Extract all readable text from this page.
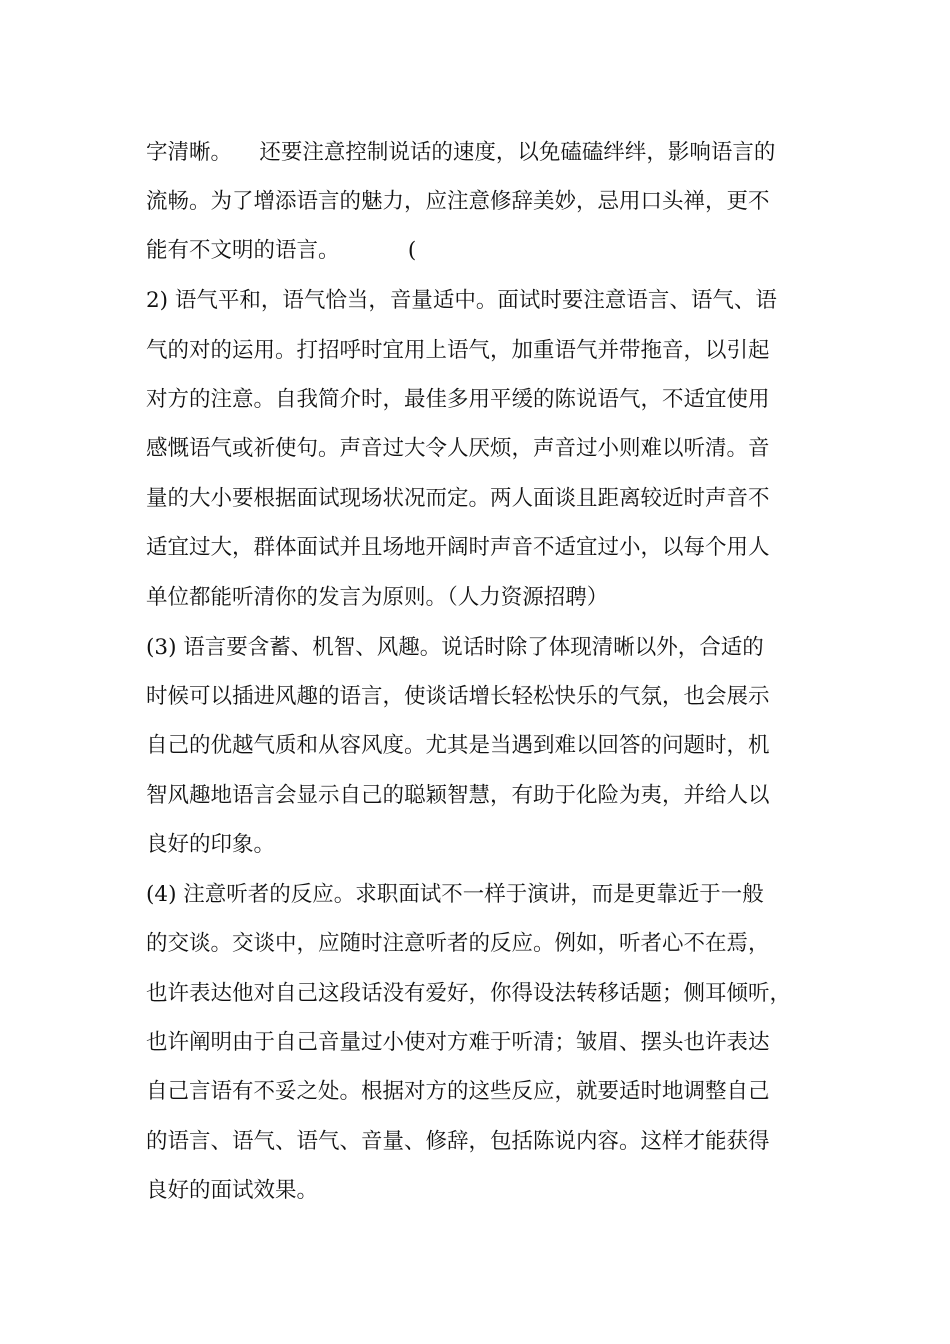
字清晰。    还要注意控制说话的速度，以免磕磕绊绊，影响语言的
流畅。为了增添语言的魅力，应注意修辞美妙，忌用口头禅，更不
能有不文明的语言。          (
2) 语气平和，语气恰当，音量适中。面试时要注意语言、语气、语
气的对的运用。打招呼时宜用上语气，加重语气并带拖音，以引起
对方的注意。自我简介时，最佳多用平缓的陈说语气，不适宜使用
感慨语气或祈使句。声音过大令人厌烦，声音过小则难以听清。音
量的大小要根据面试现场状况而定。两人面谈且距离较近时声音不
适宜过大，群体面试并且场地开阔时声音不适宜过小，以每个用人
单位都能听清你的发言为原则。（人力资源招聘）
(3) 语言要含蓄、机智、风趣。说话时除了体现清晰以外，合适的
时候可以插进风趣的语言，使谈话增长轻松快乐的气氛，也会展示
自己的优越气质和从容风度。尤其是当遇到难以回答的问题时，机
智风趣地语言会显示自己的聪颖智慧，有助于化险为夷，并给人以
良好的印象。
(4) 注意听者的反应。求职面试不一样于演讲，而是更靠近于一般
的交谈。交谈中，应随时注意听者的反应。例如，听者心不在焉，
也许表达他对自己这段话没有爱好，你得设法转移话题；侧耳倾听，
也许阐明由于自己音量过小使对方难于听清；皱眉、摆头也许表达
自己言语有不妥之处。根据对方的这些反应，就要适时地调整自己
的语言、语气、语气、音量、修辞，包括陈说内容。这样才能获得
良好的面试效果。
